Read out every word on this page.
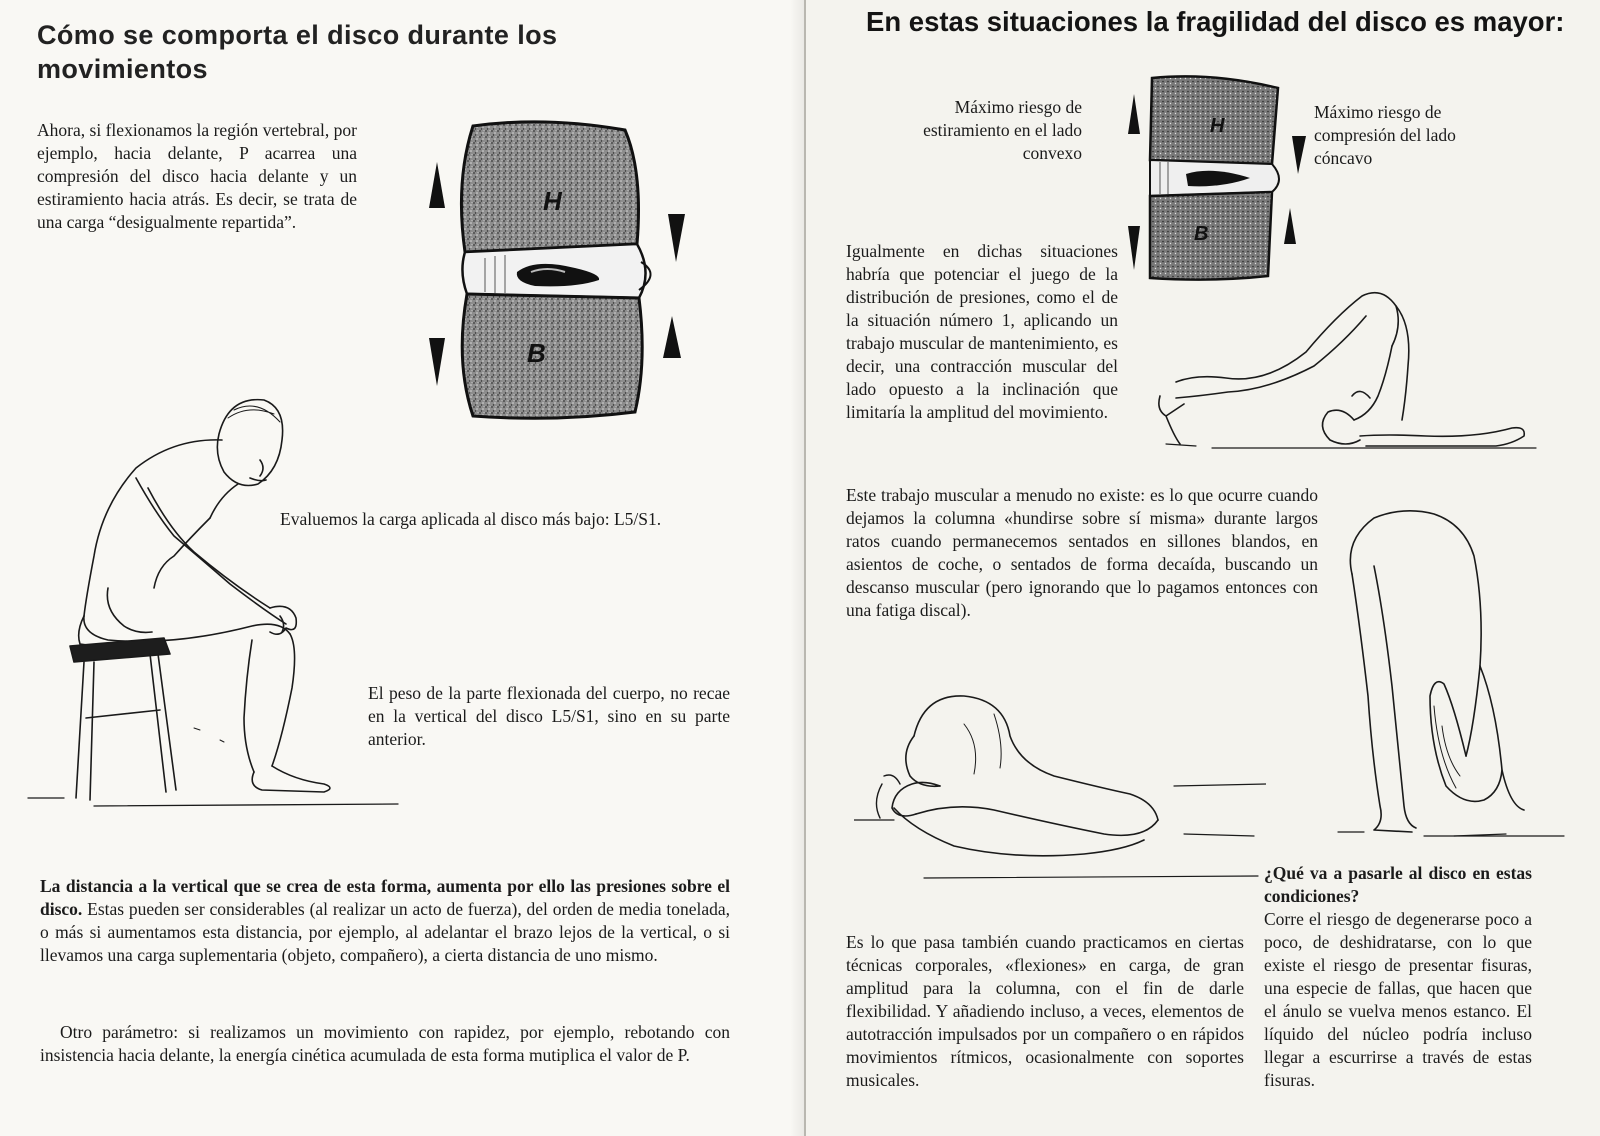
Cómo se comporta el disco durante los movimientos

Ahora, si flexionamos la región vertebral, por ejemplo, hacia delante, P acarrea una compresión del disco hacia delante y un estiramiento hacia atrás. Es decir, se trata de una carga “desigualmente repartida”.

H
B

Evaluemos la carga aplicada al disco más bajo: L5/S1.

El peso de la parte flexionada del cuerpo, no recae en la vertical del disco L5/S1, sino en su parte anterior.

La distancia a la vertical que se crea de esta forma, aumenta por ello las presiones sobre el disco. Estas pueden ser considerables (al realizar un acto de fuerza), del orden de media tonelada, o más si aumentamos esta distancia, por ejemplo, al adelantar el brazo lejos de la vertical, o si llevamos una carga suplementaria (objeto, compañero), a cierta distancia de uno mismo.

Otro parámetro: si realizamos un movimiento con rapidez, por ejemplo, rebotando con insistencia hacia delante, la energía cinética acumulada de esta forma mutiplica el valor de P.

En estas situaciones la fragilidad del disco es mayor:

Máximo riesgo de estiramiento en el lado convexo

Máximo riesgo de compresión del lado cóncavo

H
B

Igualmente en dichas situaciones habría que potenciar el juego de la distribución de presiones, como el de la situación número 1, aplicando un trabajo muscular de mantenimiento, es decir, una contracción muscular del lado opuesto a la inclinación que limitaría la amplitud del movimiento.

Este trabajo muscular a menudo no existe: es lo que ocurre cuando dejamos la columna «hundirse sobre sí misma» durante largos ratos cuando permanecemos sentados en sillones blandos, en asientos de coche, o sentados de forma decaída, buscando un descanso muscular (pero ignorando que lo pagamos entonces con una fatiga discal).

Es lo que pasa también cuando practicamos en ciertas técnicas corporales, «flexiones» en carga, de gran amplitud para la columna, con el fin de darle flexibilidad. Y añadiendo incluso, a veces, elementos de autotracción impulsados por un compañero o en rápidos movimientos rítmicos, ocasionalmente con soportes musicales.

¿Qué va a pasarle al disco en estas condiciones?

Corre el riesgo de degenerarse poco a poco, de deshidratarse, con lo que existe el riesgo de presentar fisuras, una especie de fallas, que hacen que el ánulo se vuelva menos estanco. El líquido del núcleo podría incluso llegar a escurrirse a través de estas fisuras.
